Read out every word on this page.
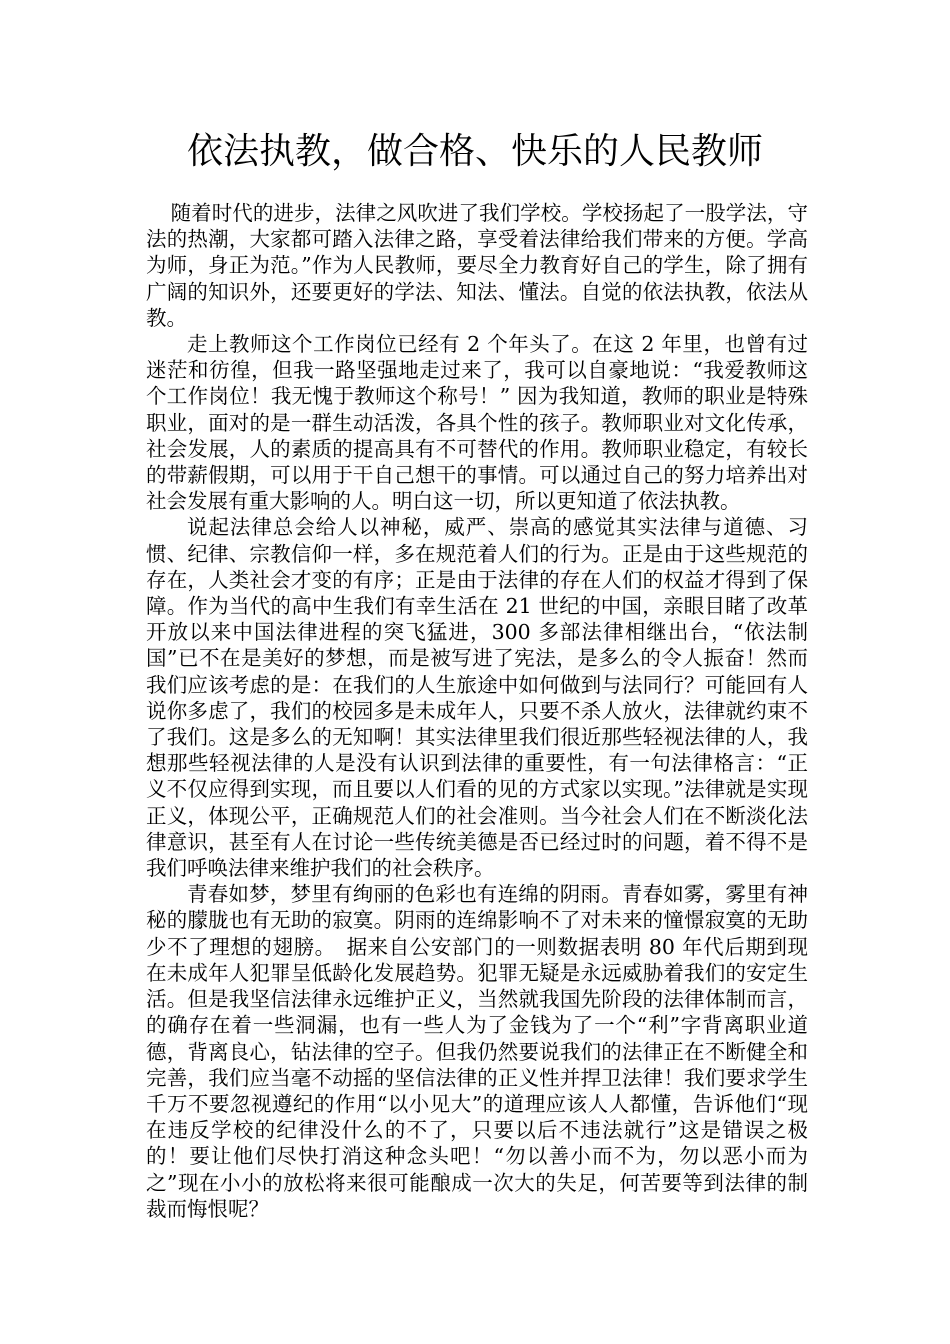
依法执教，做合格、快乐的人民教师

随着时代的进步，法律之风吹进了我们学校。学校扬起了一股学法，守法的热潮，大家都可踏入法律之路，享受着法律给我们带来的方便。学高为师，身正为范。”作为人民教师，要尽全力教育好自己的学生，除了拥有广阔的知识外，还要更好的学法、知法、懂法。自觉的依法执教，依法从教。

走上教师这个工作岗位已经有 2 个年头了。在这 2 年里，也曾有过迷茫和彷徨，但我一路坚强地走过来了，我可以自豪地说：“我爱教师这个工作岗位！我无愧于教师这个称号！” 因为我知道，教师的职业是特殊职业，面对的是一群生动活泼，各具个性的孩子。教师职业对文化传承，社会发展，人的素质的提高具有不可替代的作用。教师职业稳定，有较长的带薪假期，可以用于干自己想干的事情。可以通过自己的努力培养出对社会发展有重大影响的人。明白这一切，所以更知道了依法执教。

说起法律总会给人以神秘，威严、崇高的感觉其实法律与道德、习惯、纪律、宗教信仰一样，多在规范着人们的行为。正是由于这些规范的存在，人类社会才变的有序；正是由于法律的存在人们的权益才得到了保障。作为当代的高中生我们有幸生活在 21 世纪的中国，亲眼目睹了改革开放以来中国法律进程的突飞猛进，300 多部法律相继出台，“依法制国”已不在是美好的梦想，而是被写进了宪法，是多么的令人振奋！然而我们应该考虑的是：在我们的人生旅途中如何做到与法同行？可能回有人说你多虑了，我们的校园多是未成年人，只要不杀人放火，法律就约束不了我们。这是多么的无知啊！其实法律里我们很近那些轻视法律的人，我想那些轻视法律的人是没有认识到法律的重要性，有一句法律格言：“正义不仅应得到实现，而且要以人们看的见的方式家以实现。”法律就是实现正义，体现公平，正确规范人们的社会准则。当今社会人们在不断淡化法律意识，甚至有人在讨论一些传统美德是否已经过时的问题，着不得不是我们呼唤法律来维护我们的社会秩序。

青春如梦，梦里有绚丽的色彩也有连绵的阴雨。青春如雾，雾里有神秘的朦胧也有无助的寂寞。阴雨的连绵影响不了对未来的憧憬寂寞的无助少不了理想的翅膀。　据来自公安部门的一则数据表明 80 年代后期到现在未成年人犯罪呈低龄化发展趋势。犯罪无疑是永远威胁着我们的安定生活。但是我坚信法律永远维护正义，当然就我国先阶段的法律体制而言，的确存在着一些洞漏，也有一些人为了金钱为了一个“利”字背离职业道德，背离良心，钻法律的空子。但我仍然要说我们的法律正在不断健全和完善，我们应当毫不动摇的坚信法律的正义性并捍卫法律！我们要求学生千万不要忽视遵纪的作用“以小见大”的道理应该人人都懂，告诉他们“现在违反学校的纪律没什么的不了，只要以后不违法就行”这是错误之极的！要让他们尽快打消这种念头吧！“勿以善小而不为，勿以恶小而为之”现在小小的放松将来很可能酿成一次大的失足，何苦要等到法律的制裁而悔恨呢？
